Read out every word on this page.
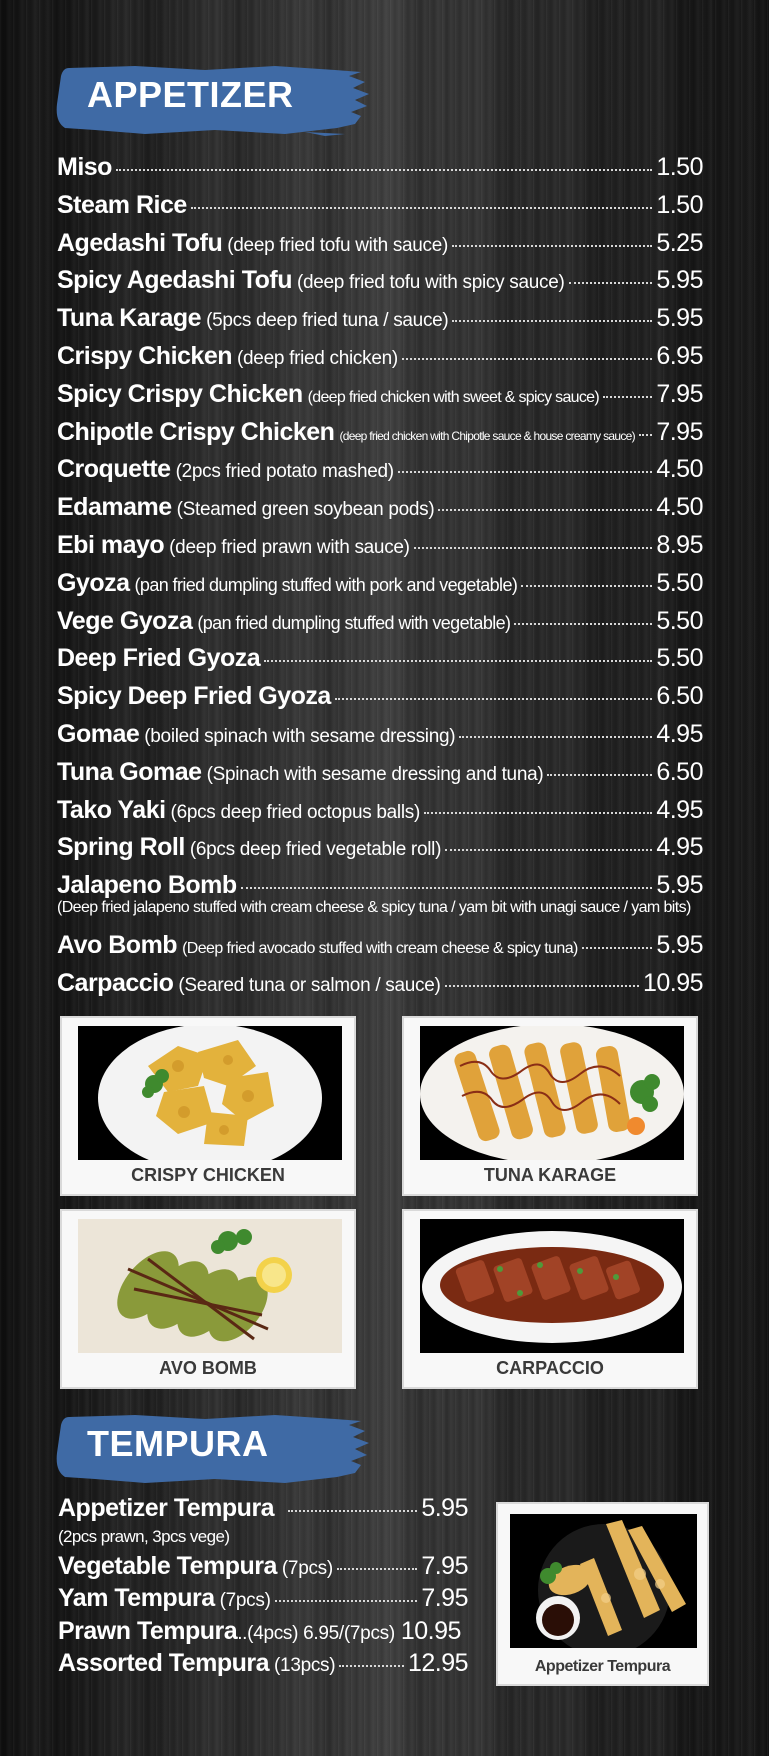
APPETIZER
Miso	1.50
Steam Rice	1.50
Agedashi Tofu (deep fried tofu with sauce)	5.25
Spicy Agedashi Tofu (deep fried tofu with spicy sauce)	5.95
Tuna Karage (5pcs deep fried tuna / sauce)	5.95
Crispy Chicken (deep fried chicken)	6.95
Spicy Crispy Chicken (deep fried chicken with sweet & spicy sauce) 7.95
Chipotle Crispy Chicken (deep fried chicken with Chipotle sauce & house creamy sauce) 7.95
Croquette (2pcs fried potato mashed)	4.50
Edamame (Steamed green soybean pods)	4.50
Ebi mayo (deep fried prawn with sauce)	8.95
Gyoza (pan fried dumpling stuffed with pork and vegetable)	5.50
Vege Gyoza (pan fried dumpling stuffed with vegetable)	5.50
Deep Fried Gyoza	5.50
Spicy Deep Fried Gyoza	6.50
Gomae (boiled spinach with sesame dressing)	4.95
Tuna Gomae (Spinach with sesame dressing and tuna)	6.50
Tako Yaki (6pcs deep fried octopus balls)	4.95
Spring Roll (6pcs deep fried vegetable roll)	4.95
Jalapeno Bomb	5.95
(Deep fried jalapeno stuffed with cream cheese & spicy tuna / yam bit with unagi sauce / yam bits)
Avo Bomb (Deep fried avocado stuffed with cream cheese & spicy tuna)	5.95
Carpaccio (Seared tuna or salmon / sauce)	10.95
CRISPY CHICKEN	TUNA KARAGE
AVO BOMB	CARPACCIO
TEMPURA
Appetizer Tempura	5.95
(2pcs prawn, 3pcs vege)
Vegetable Tempura (7pcs)	7.95
Yam Tempura (7pcs)	7.95
Prawn Tempura ..(4pcs) 6.95/(7pcs) 10.95
Assorted Tempura (13pcs)	12.95	Appetizer Tempura
